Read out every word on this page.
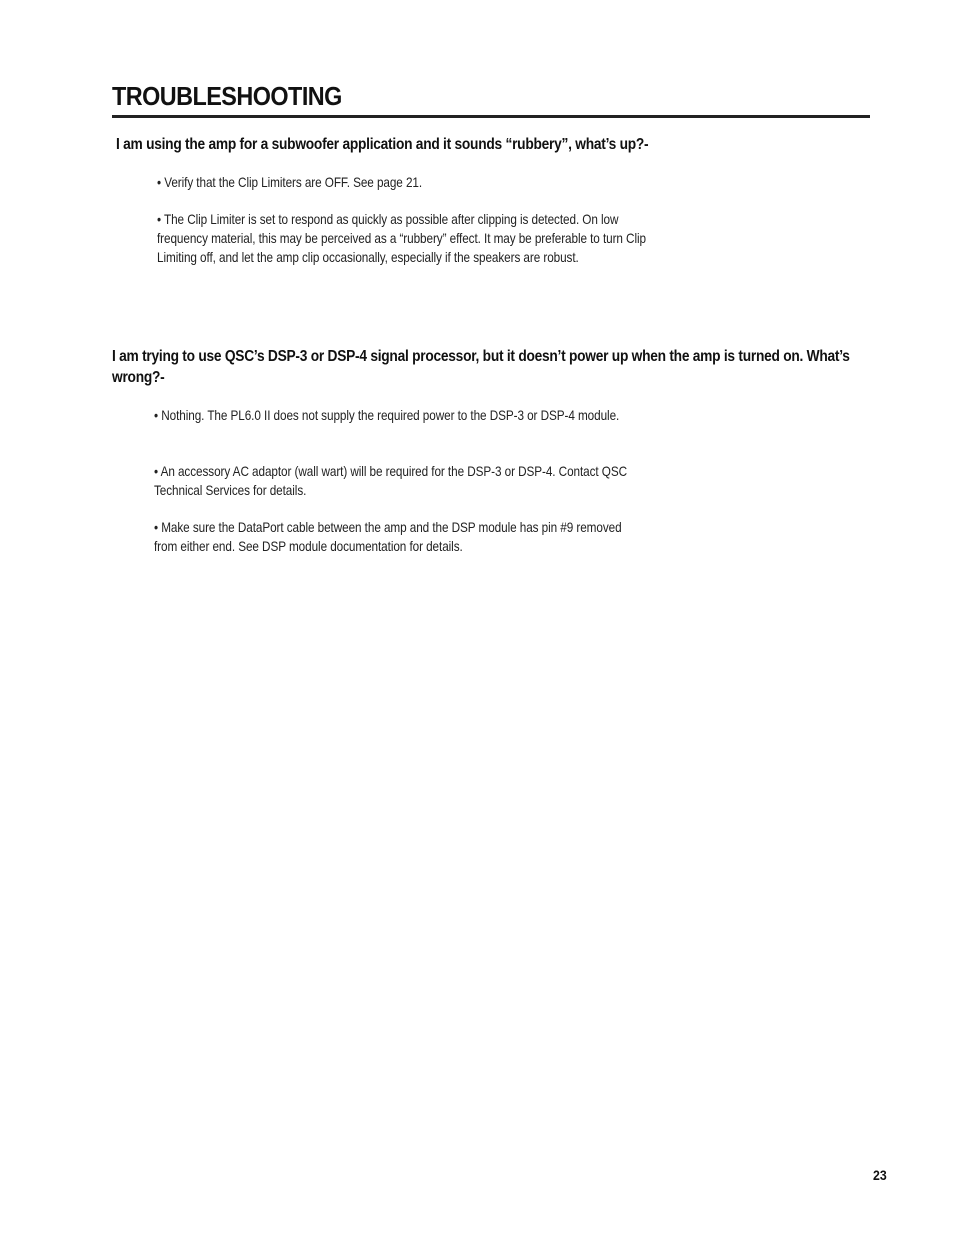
TROUBLESHOOTING

I am using the amp for a subwoofer application and it sounds “rubbery”, what’s up?-

• Verify that the Clip Limiters are OFF. See page 21.

• The Clip Limiter is set to respond as quickly as possible after clipping is detected. On low frequency material, this may be perceived as a “rubbery” effect. It may be preferable to turn Clip Limiting off, and let the amp clip occasionally, especially if the speakers are robust.

I am trying to use QSC’s DSP-3 or DSP-4 signal processor, but it doesn’t power up when the amp is turned on. What’s wrong?-

• Nothing. The PL6.0 II does not supply the required power to the DSP-3 or DSP-4 module.

• An accessory AC adaptor (wall wart) will be required for the DSP-3 or DSP-4. Contact QSC Technical Services for details.

• Make sure the DataPort cable between the amp and the DSP module has pin #9 removed from either end. See DSP module documentation for details.

23
